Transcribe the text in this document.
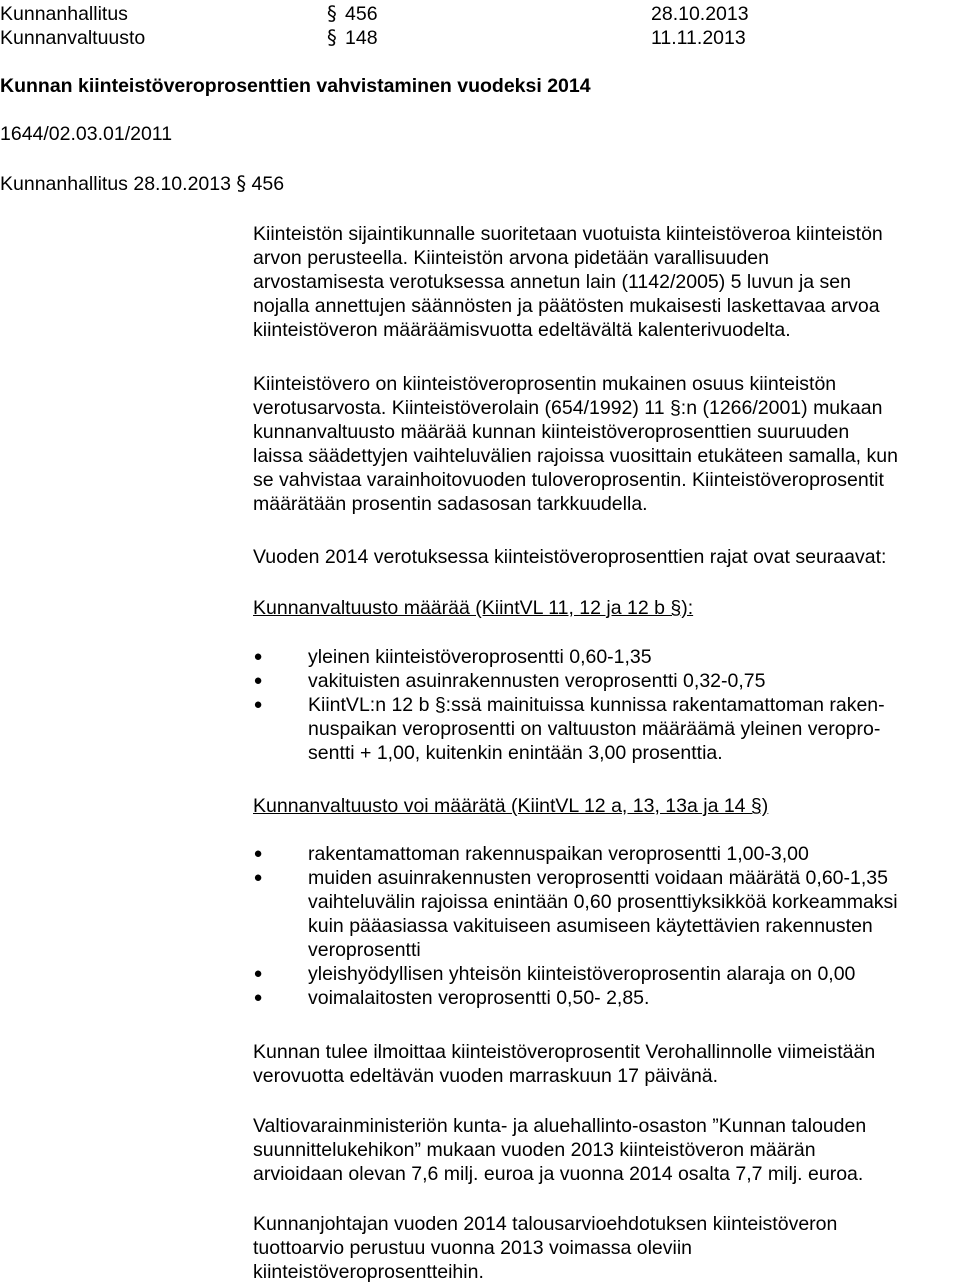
Kunnanhallitus	§ 456	28.10.2013
Kunnanvaltuusto	§ 148	11.11.2013
Kunnan kiinteistöveroprosenttien vahvistaminen vuodeksi 2014
1644/02.03.01/2011
Kunnanhallitus 28.10.2013 § 456
Kiinteistön sijaintikunnalle suoritetaan vuotuista kiinteistöveroa kiinteistön
arvon perusteella. Kiinteistön arvona pidetään varallisuuden
arvostamisesta verotuksessa annetun lain (1142/2005) 5 luvun ja sen
nojalla annettujen säännösten ja päätösten mukaisesti laskettavaa arvoa
kiinteistöveron määräämisvuotta edeltävältä kalenterivuodelta.
Kiinteistövero on kiinteistöveroprosentin mukainen osuus kiinteistön
verotusarvosta. Kiinteistöverolain (654/1992) 11 §:n (1266/2001) mukaan
kunnanvaltuusto määrää kunnan kiinteistöveroprosenttien suuruuden
laissa säädettyjen vaihteluvälien rajoissa vuosittain etukäteen samalla, kun
se vahvistaa varainhoitovuoden tuloveroprosentin. Kiinteistöveroprosentit
määrätään prosentin sadasosan tarkkuudella.
Vuoden 2014 verotuksessa kiinteistöveroprosenttien rajat ovat seuraavat:
Kunnanvaltuusto määrää (KiintVL 11, 12 ja 12 b §):
● yleinen kiinteistöveroprosentti 0,60-1,35
● vakituisten asuinrakennusten veroprosentti 0,32-0,75
● KiintVL:n 12 b §:ssä mainituissa kunnissa rakentamattoman raken-
nuspaikan veroprosentti on valtuuston määräämä yleinen veropro-
sentti + 1,00, kuitenkin enintään 3,00 prosenttia.
Kunnanvaltuusto voi määrätä (KiintVL 12 a, 13, 13a ja 14 §)
● rakentamattoman rakennuspaikan veroprosentti 1,00-3,00
● muiden asuinrakennusten veroprosentti voidaan määrätä 0,60-1,35
vaihteluvälin rajoissa enintään 0,60 prosenttiyksikköä korkeammaksi
kuin pääasiassa vakituiseen asumiseen käytettävien rakennusten
veroprosentti
● yleishyödyllisen yhteisön kiinteistöveroprosentin alaraja on 0,00
● voimalaitosten veroprosentti 0,50- 2,85.
Kunnan tulee ilmoittaa kiinteistöveroprosentit Verohallinnolle viimeistään
verovuotta edeltävän vuoden marraskuun 17 päivänä.
Valtiovarainministeriön kunta- ja aluehallinto-osaston ”Kunnan talouden
suunnittelukehikon” mukaan vuoden 2013 kiinteistöveron määrän
arvioidaan olevan 7,6 milj. euroa ja vuonna 2014 osalta 7,7 milj. euroa.
Kunnanjohtajan vuoden 2014 talousarvioehdotuksen kiinteistöveron
tuottoarvio perustuu vuonna 2013 voimassa oleviin
kiinteistöveroprosentteihin.
